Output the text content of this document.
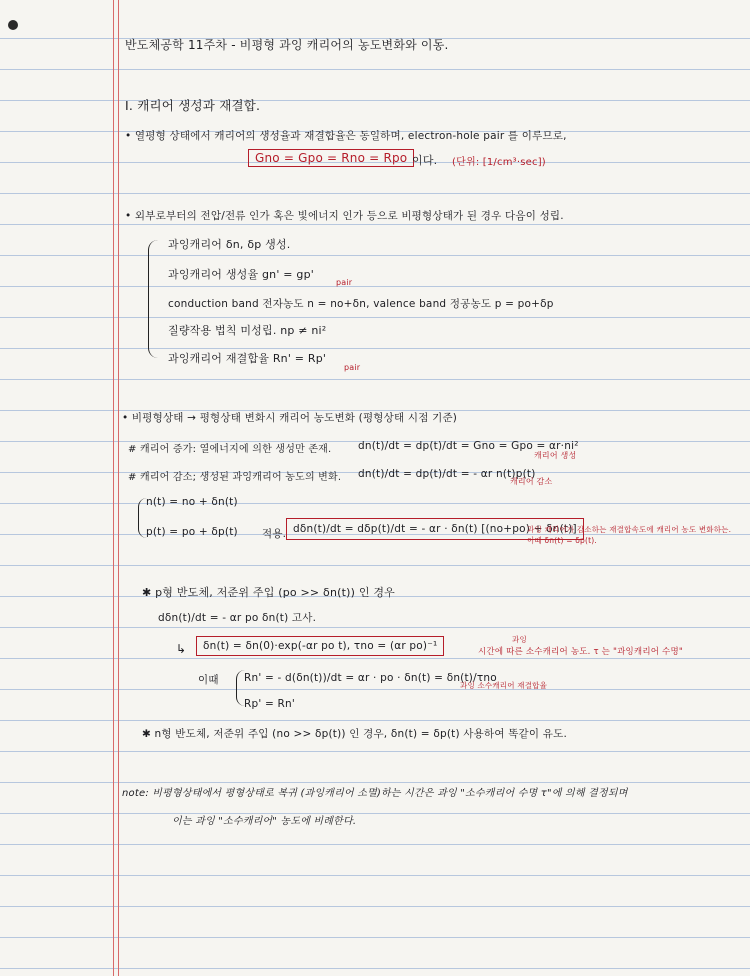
반도체공학 11주차 - 비평형 과잉 캐리어의 농도변화와 이동.
Ⅰ. 캐리어 생성과 재결합.
• 열평형 상태에서 캐리어의 생성율과 재결합율은 동일하며, electron-hole pair 를 이루므로,
Gno = Gpo = Rno = Rpo 이다. (단위: [1/cm³·sec])
• 외부로부터의 전압/전류 인가 혹은 빛에너지 인가 등으로 비평형상태가 된 경우 다음이 성립.
과잉캐리어 δn, δp 생성.
과잉캐리어 생성율 gn' = gp'
pair
conduction band 전자농도 n = no+δn, valence band 정공농도 p = po+δp
질량작용 법칙 미성립. np ≠ ni²
과잉캐리어 재결합율 Rn' = Rp'
pair
• 비평형상태 → 평형상태 변화시 캐리어 농도변화 (평형상태 시점 기준)
# 캐리어 증가: 열에너지에 의한 생성만 존재.	dn(t)/dt = dp(t)/dt = Gno = Gpo = αr·ni²
캐리어 생성
# 캐리어 감소; 생성된 과잉캐리어 농도의 변화. dn(t)/dt = dp(t)/dt = - αr n(t)p(t)
캐리어 감소
n(t) = no + δn(t)
p(t) = po + δp(t) 적용. dδn(t)/dt = dδp(t)/dt = - αr · δn(t) [(no+po) + δn(t)]
과잉 캐리어가 감소하는 재결합속도에 캐리어 농도 변화하는. 이때 δn(t) = δp(t).
✱ p형 반도체, 저준위 주입 (po >> δn(t)) 인 경우
dδn(t)/dt = - αr po δn(t) 고사.
↳	δn(t) = δn(0)·exp(-αr po t), τno = (αr po)⁻¹
과잉
시간에 따른 소수캐리어 농도. τ 는 "과잉캐리어 수명"
이때 Rn' = - d(δn(t))/dt = αr · po · δn(t) = δn(t)/τno
과잉 소수캐리어 재결합율
Rp' = Rn'
✱ n형 반도체, 저준위 주입 (no >> δp(t)) 인 경우, δn(t) = δp(t) 사용하여 똑같이 유도.
note: 비평형상태에서 평형상태로 복귀 (과잉캐리어 소멸)하는 시간은 과잉 "소수캐리어 수명 τ"에 의해 결정되며
이는 과잉 "소수캐리어" 농도에 비례한다.
